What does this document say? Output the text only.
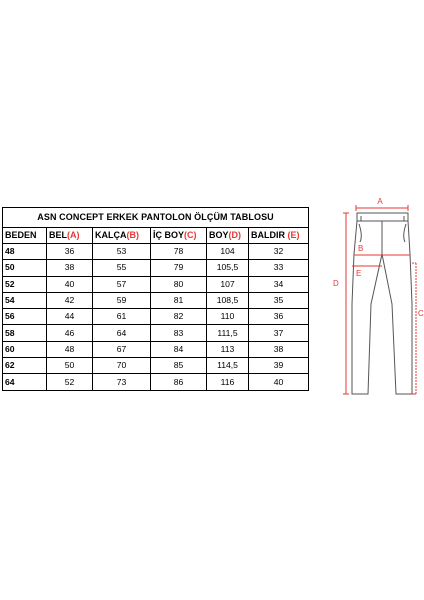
ASN CONCEPT ERKEK PANTOLON ÖLÇÜM TABLOSU					
BEDEN	BEL(A)	KALÇA(B)	İÇ BOY(C)	BOY(D)	BALDIR (E)
48	36	53	78	104	32
50	38	55	79	105,5	33
52	40	57	80	107	34
54	42	59	81	108,5	35
56	44	61	82	110	36
58	46	64	83	111,5	37
60	48	67	84	113	38
62	50	70	85	114,5	39
64	52	73	86	116	40
A
B
E
D
C
